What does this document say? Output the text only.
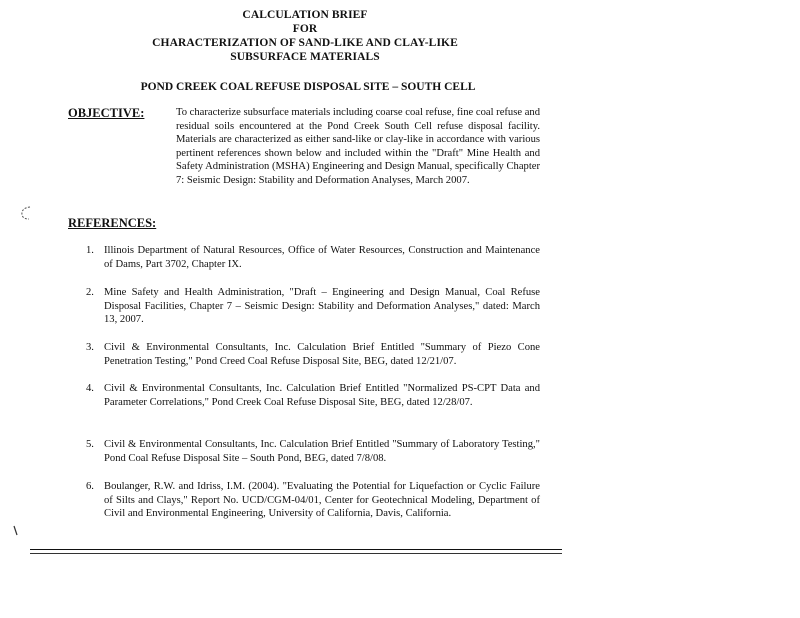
CALCULATION BRIEF
FOR
CHARACTERIZATION OF SAND-LIKE AND CLAY-LIKE
SUBSURFACE MATERIALS
POND CREEK COAL REFUSE DISPOSAL SITE – SOUTH CELL
OBJECTIVE:	To characterize subsurface materials including coarse coal refuse, fine coal refuse and residual soils encountered at the Pond Creek South Cell refuse disposal facility. Materials are characterized as either sand-like or clay-like in accordance with various pertinent references shown below and included within the "Draft" Mine Health and Safety Administration (MSHA) Engineering and Design Manual, specifically Chapter 7: Seismic Design: Stability and Deformation Analyses, March 2007.
REFERENCES:
1. Illinois Department of Natural Resources, Office of Water Resources, Construction and Maintenance of Dams, Part 3702, Chapter IX.
2. Mine Safety and Health Administration, "Draft – Engineering and Design Manual, Coal Refuse Disposal Facilities, Chapter 7 – Seismic Design: Stability and Deformation Analyses," dated: March 13, 2007.
3. Civil & Environmental Consultants, Inc. Calculation Brief Entitled "Summary of Piezo Cone Penetration Testing," Pond Creed Coal Refuse Disposal Site, BEG, dated 12/21/07.
4. Civil & Environmental Consultants, Inc. Calculation Brief Entitled "Normalized PS-CPT Data and Parameter Correlations," Pond Creek Coal Refuse Disposal Site, BEG, dated 12/28/07.
5. Civil & Environmental Consultants, Inc. Calculation Brief Entitled "Summary of Laboratory Testing," Pond Coal Refuse Disposal Site – South Pond, BEG, dated 7/8/08.
6. Boulanger, R.W. and Idriss, I.M. (2004). "Evaluating the Potential for Liquefaction or Cyclic Failure of Silts and Clays," Report No. UCD/CGM-04/01, Center for Geotechnical Modeling, Department of Civil and Environmental Engineering, University of California, Davis, California.
